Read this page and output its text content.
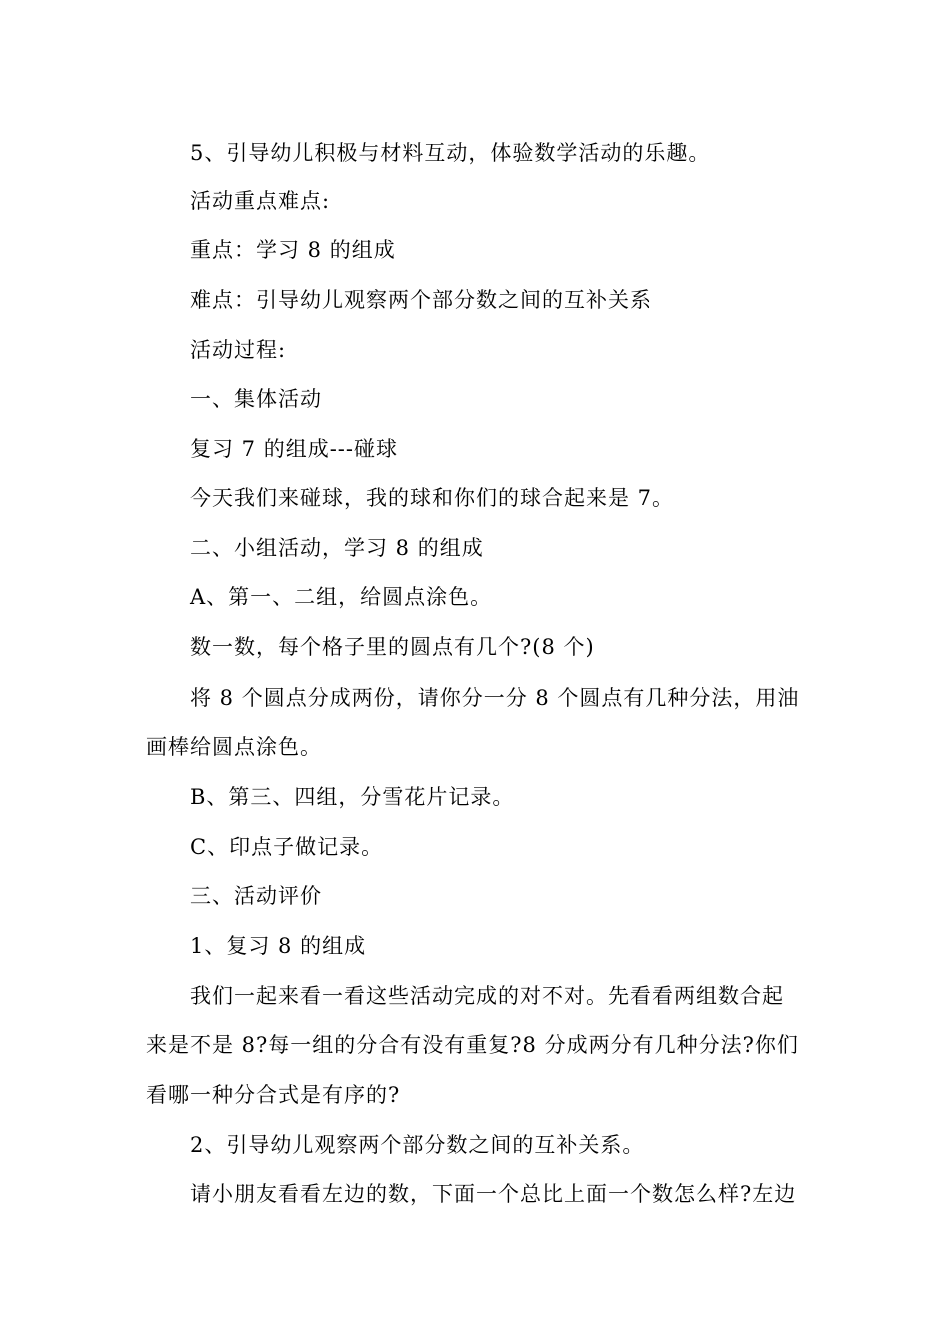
5、引导幼儿积极与材料互动，体验数学活动的乐趣。
活动重点难点:
重点：学习 8 的组成
难点：引导幼儿观察两个部分数之间的互补关系
活动过程:
一、集体活动
复习 7 的组成---碰球
今天我们来碰球，我的球和你们的球合起来是 7。
二、小组活动，学习 8 的组成
A、第一、二组，给圆点涂色。
数一数，每个格子里的圆点有几个?(8 个)
将 8 个圆点分成两份，请你分一分 8 个圆点有几种分法，用油
画棒给圆点涂色。
B、第三、四组，分雪花片记录。
C、印点子做记录。
三、活动评价
1、复习 8 的组成
我们一起来看一看这些活动完成的对不对。先看看两组数合起
来是不是 8?每一组的分合有没有重复?8 分成两分有几种分法?你们
看哪一种分合式是有序的?
2、引导幼儿观察两个部分数之间的互补关系。
请小朋友看看左边的数，下面一个总比上面一个数怎么样?左边
